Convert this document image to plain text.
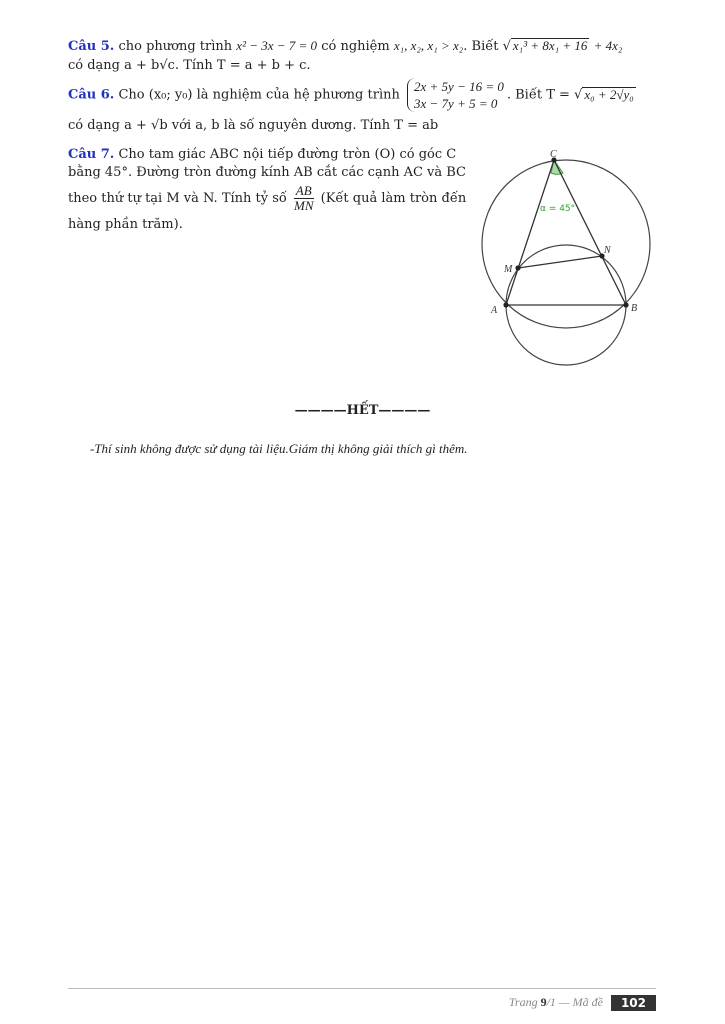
Câu 5. cho phương trình x² − 3x − 7 = 0 có nghiệm x₁, x₂, x₁ > x₂. Biết √ x₁³ + 8x₁ + 16 + 4x₂
có dạng a + b√c. Tính T = a + b + c.
Câu 6. Cho (x₀; y₀) là nghiệm của hệ phương trình
2x + 5y − 16 = 0
3x − 7y + 5 = 0
. Biết T = √ x₀ + 2√y₀
có dạng a + √b với a, b là số nguyên dương. Tính T = ab
Câu 7. Cho tam giác ABC nội tiếp đường tròn (O) có góc C
bằng 45°. Đường tròn đường kính AB cắt các cạnh AC và BC
theo thứ tự tại M và N. Tính tỷ số $\frac{AB}{MN}$ (Kết quả làm tròn đến
hàng phần trăm).
C
A	B
M
N
α = 45°
————HẾT————
-Thí sinh không được sử dụng tài liệu.Giám thị không giải thích gì thêm.
Trang
9 /1 —
Mã đề	102
